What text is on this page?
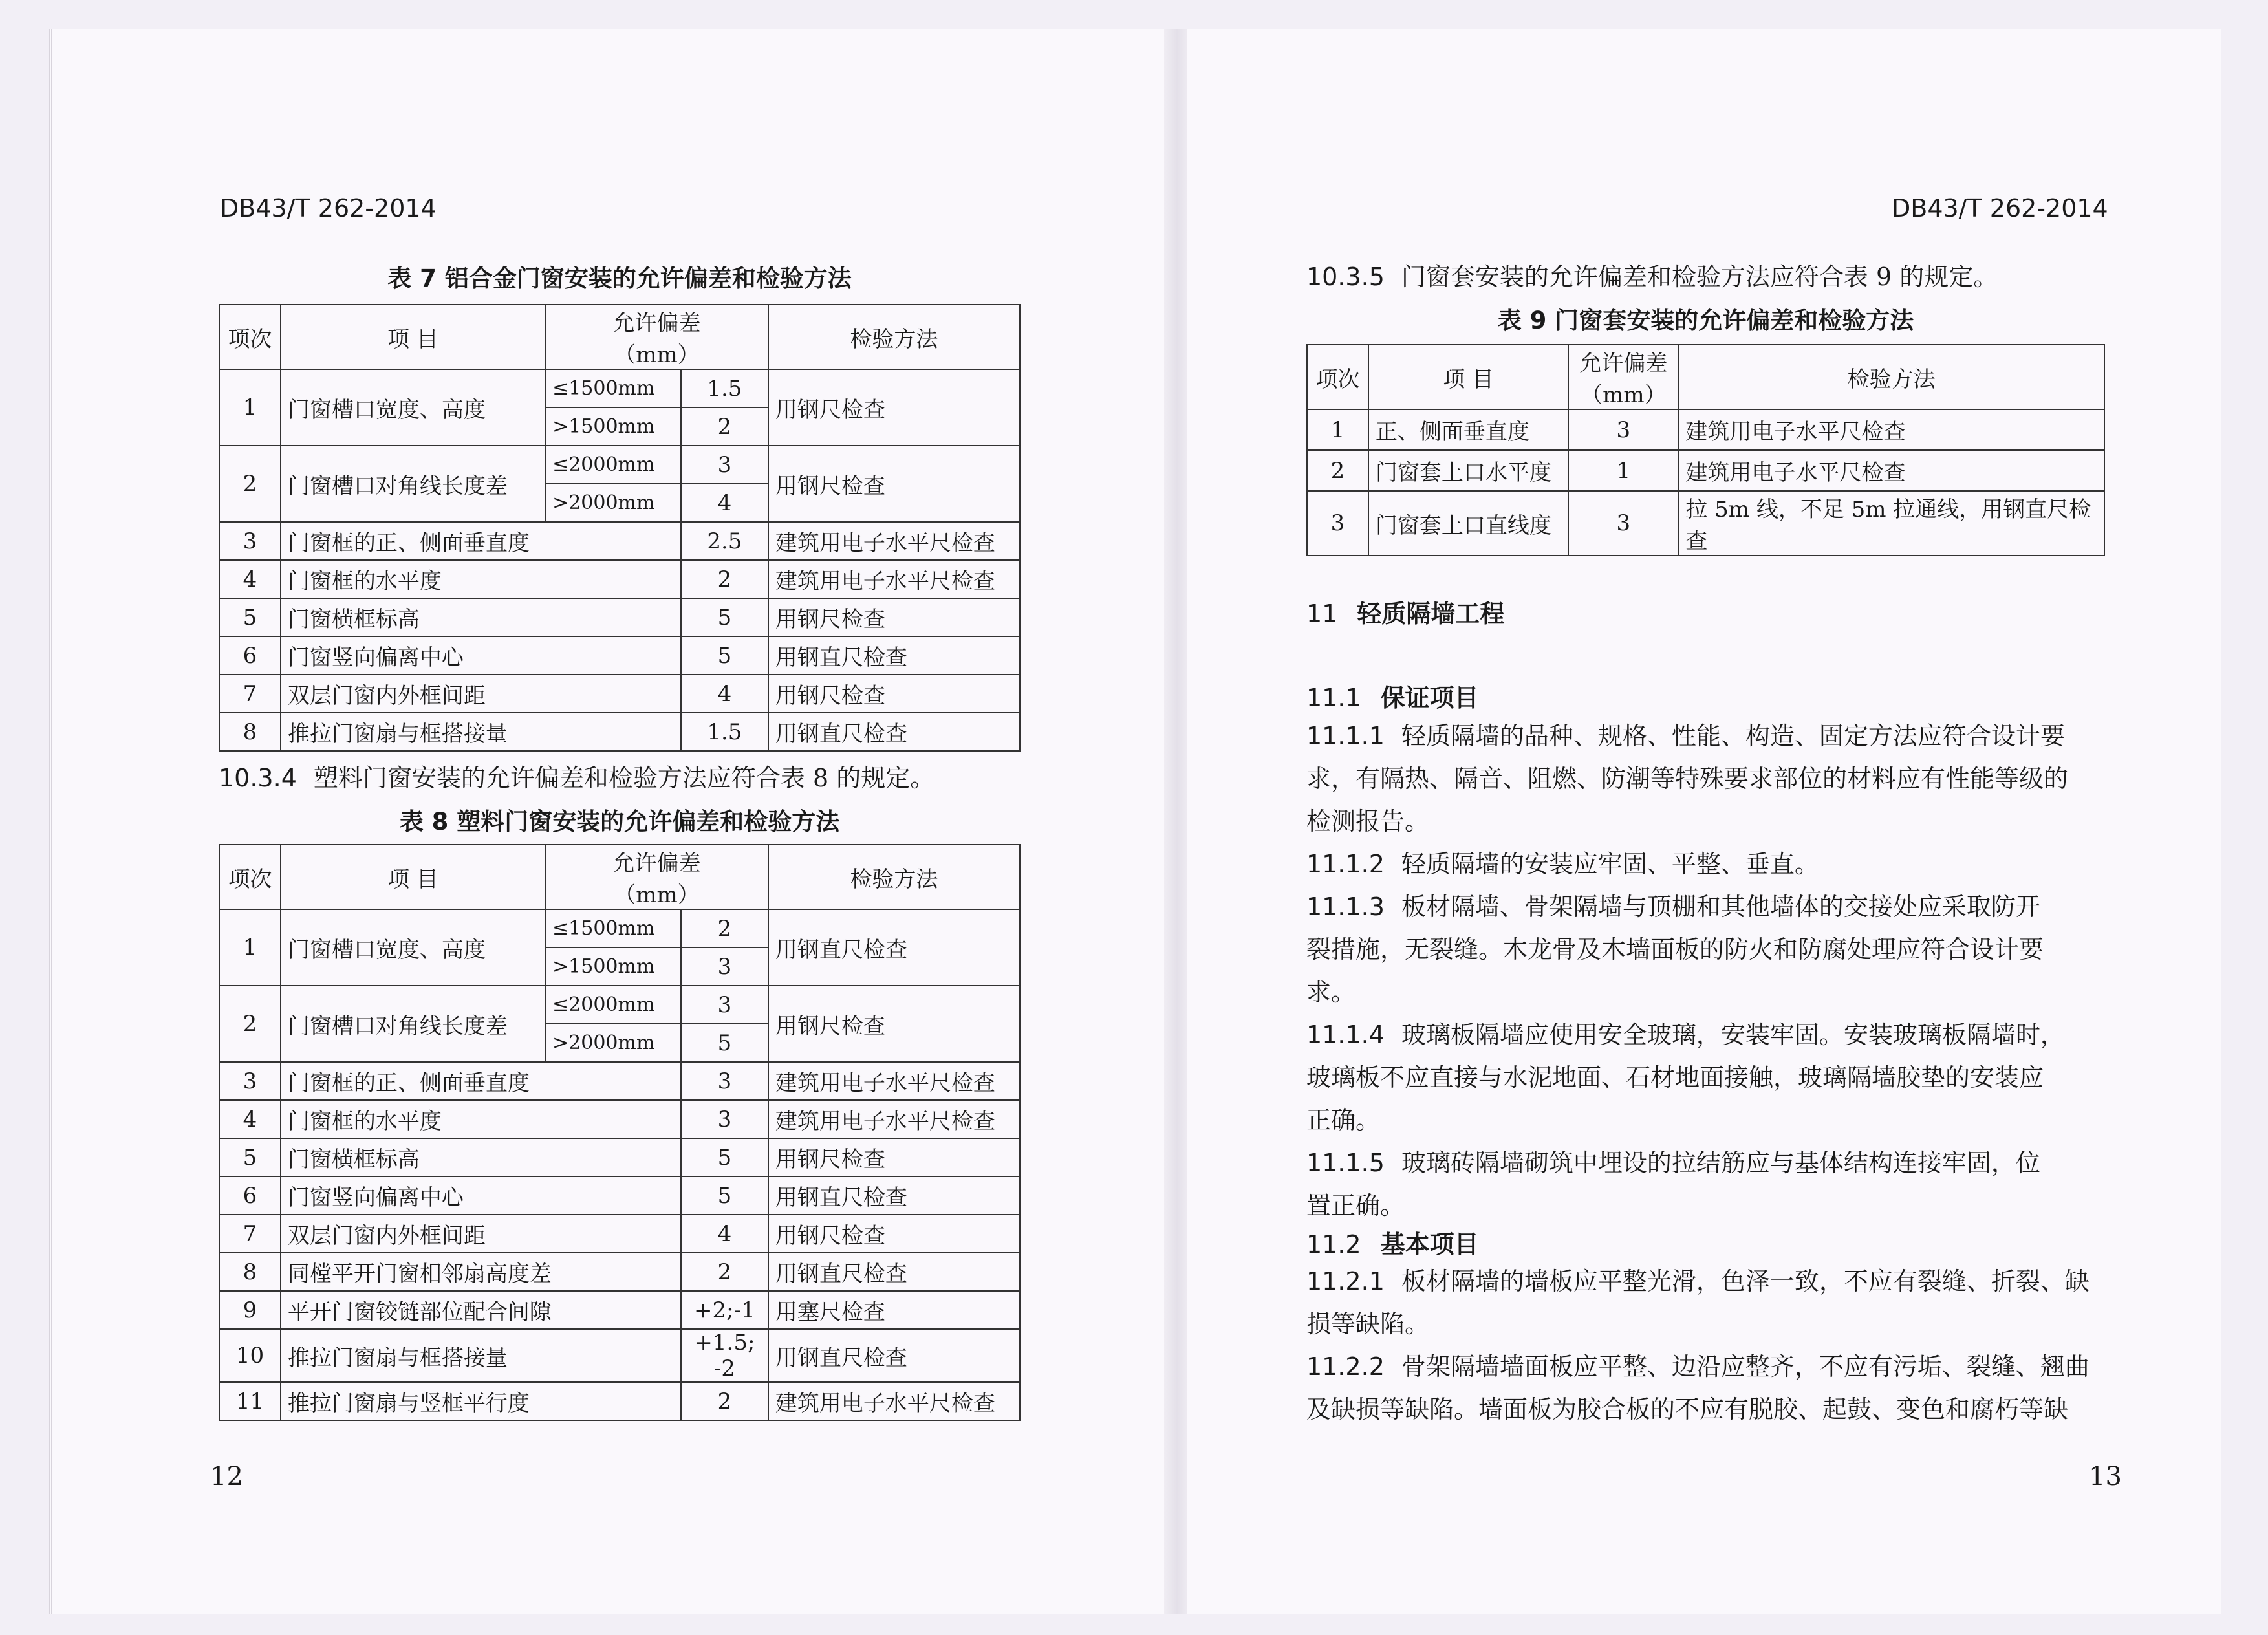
DB43/T 262-2014
表 7 铝合金门窗安装的允许偏差和检验方法
项次	项 目	允许偏差
（mm）		检验方法
1	门窗槽口宽度、高度	≤1500mm	1.5	用钢尺检查
		>1500mm	2	
2	门窗槽口对角线长度差	≤2000mm	3	用钢尺检查
		>2000mm	4	
3	门窗框的正、侧面垂直度		2.5	建筑用电子水平尺检查
4	门窗框的水平度		2	建筑用电子水平尺检查
5	门窗横框标高		5	用钢尺检查
6	门窗竖向偏离中心		5	用钢直尺检查
7	双层门窗内外框间距		4	用钢尺检查
8	推拉门窗扇与框搭接量		1.5	用钢直尺检查
10.3.4 塑料门窗安装的允许偏差和检验方法应符合表 8 的规定。
表 8 塑料门窗安装的允许偏差和检验方法
项次	项 目	允许偏差
（mm）		检验方法
1	门窗槽口宽度、高度	≤1500mm	2	用钢直尺检查
		>1500mm	3	
2	门窗槽口对角线长度差	≤2000mm	3	用钢尺检查
		>2000mm	5	
3	门窗框的正、侧面垂直度		3	建筑用电子水平尺检查
4	门窗框的水平度		3	建筑用电子水平尺检查
5	门窗横框标高		5	用钢尺检查
6	门窗竖向偏离中心		5	用钢直尺检查
7	双层门窗内外框间距		4	用钢尺检查
8	同樘平开门窗相邻扇高度差		2	用钢直尺检查
9	平开门窗铰链部位配合间隙		+2;-1	用塞尺检查
10	推拉门窗扇与框搭接量		+1.5; -2	用钢直尺检查
11	推拉门窗扇与竖框平行度		2	建筑用电子水平尺检查
12
DB43/T 262-2014
10.3.5 门窗套安装的允许偏差和检验方法应符合表 9 的规定。
表 9 门窗套安装的允许偏差和检验方法
项次	项 目	允许偏差
（mm）	检验方法
1	正、侧面垂直度	3	建筑用电子水平尺检查
2	门窗套上口水平度	1	建筑用电子水平尺检查
3	门窗套上口直线度	3	拉 5m 线，不足 5m 拉通线，用钢直尺检查
11 轻质隔墙工程
11.1 保证项目
11.1.1 轻质隔墙的品种、规格、性能、构造、固定方法应符合设计要
求，有隔热、隔音、阻燃、防潮等特殊要求部位的材料应有性能等级的
检测报告。
11.1.2 轻质隔墙的安装应牢固、平整、垂直。
11.1.3 板材隔墙、骨架隔墙与顶棚和其他墙体的交接处应采取防开
裂措施，无裂缝。木龙骨及木墙面板的防火和防腐处理应符合设计要
求。
11.1.4 玻璃板隔墙应使用安全玻璃，安装牢固。安装玻璃板隔墙时，
玻璃板不应直接与水泥地面、石材地面接触，玻璃隔墙胶垫的安装应
正确。
11.1.5 玻璃砖隔墙砌筑中埋设的拉结筋应与基体结构连接牢固，位
置正确。
11.2 基本项目
11.2.1 板材隔墙的墙板应平整光滑，色泽一致，不应有裂缝、折裂、缺
损等缺陷。
11.2.2 骨架隔墙墙面板应平整、边沿应整齐，不应有污垢、裂缝、翘曲
及缺损等缺陷。墙面板为胶合板的不应有脱胶、起鼓、变色和腐朽等缺
13
